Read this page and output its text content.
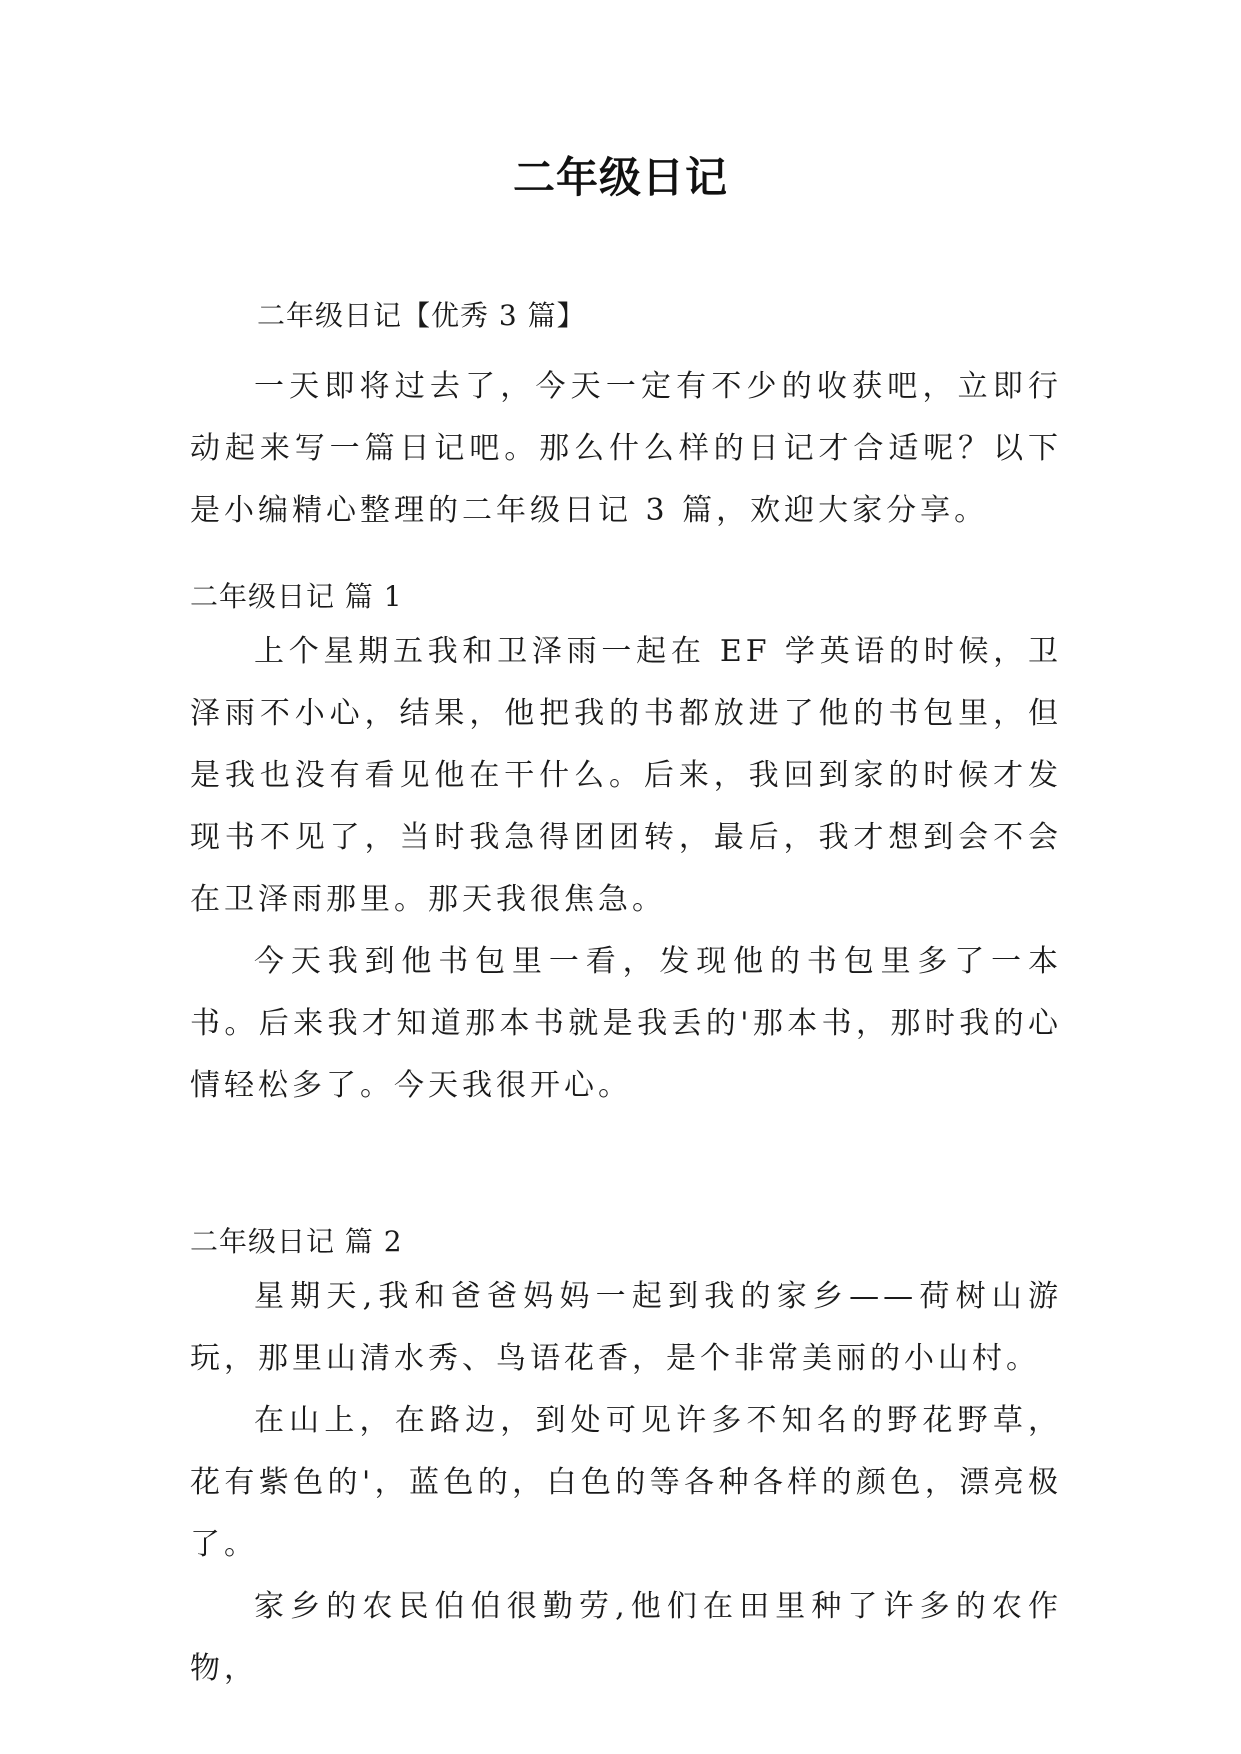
二年级日记
二年级日记【优秀 3 篇】

一天即将过去了，今天一定有不少的收获吧，立即行动起来写一篇日记吧。那么什么样的日记才合适呢？以下是小编精心整理的二年级日记 3 篇，欢迎大家分享。

二年级日记 篇 1

上个星期五我和卫泽雨一起在 EF 学英语的时候，卫泽雨不小心，结果，他把我的书都放进了他的书包里，但是我也没有看见他在干什么。后来，我回到家的时候才发现书不见了，当时我急得团团转，最后，我才想到会不会在卫泽雨那里。那天我很焦急。

今天我到他书包里一看，发现他的书包里多了一本书。后来我才知道那本书就是我丢的'那本书，那时我的心情轻松多了。今天我很开心。

二年级日记 篇 2

星期天,我和爸爸妈妈一起到我的家乡——荷树山游玩，那里山清水秀、鸟语花香，是个非常美丽的小山村。

在山上，在路边，到处可见许多不知名的野花野草，花有紫色的'，蓝色的，白色的等各种各样的颜色，漂亮极了。

家乡的农民伯伯很勤劳,他们在田里种了许多的农作物，
